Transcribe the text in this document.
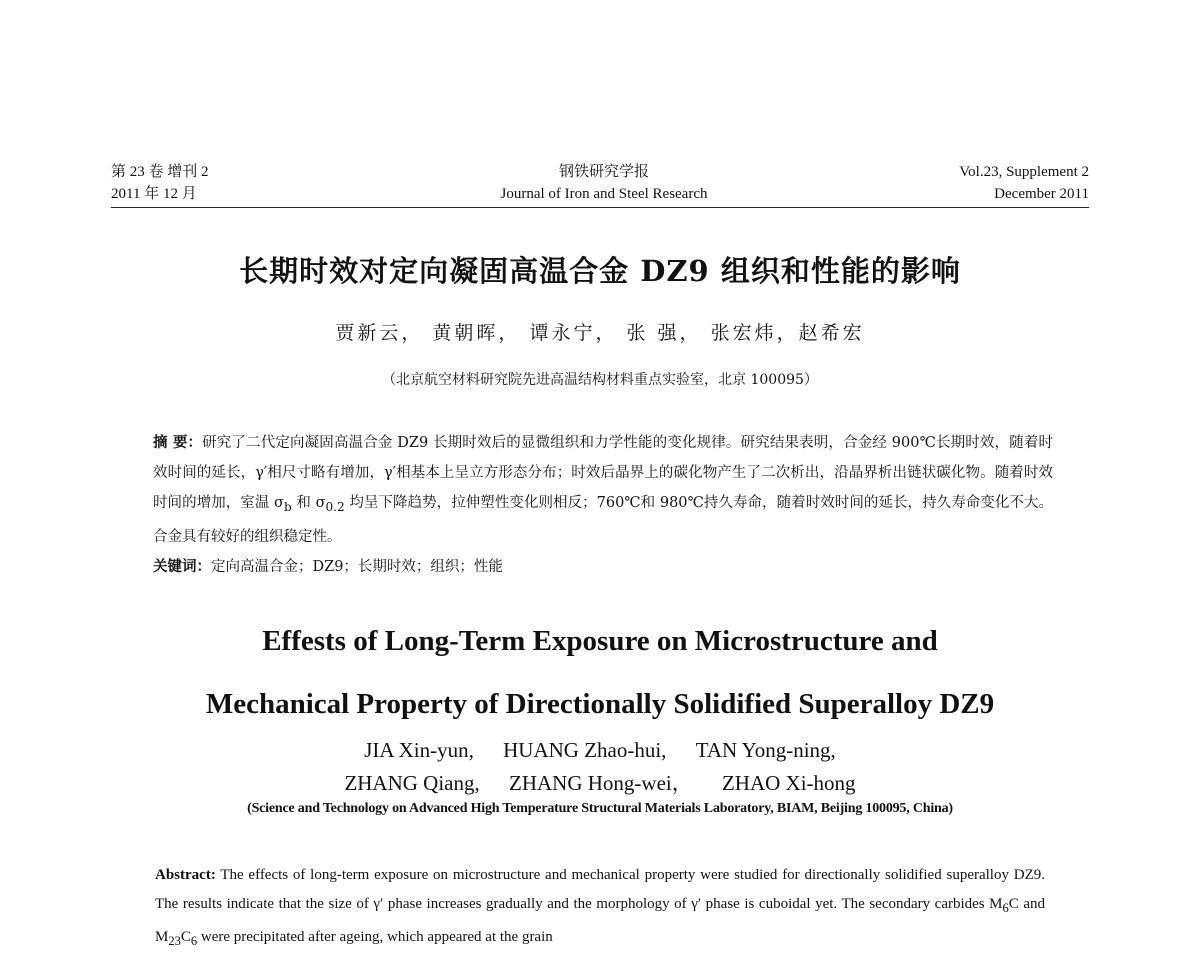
第 23 卷 增刊 2
2011 年 12 月
钢铁研究学报
Journal of Iron and Steel Research
Vol.23, Supplement 2
December 2011
长期时效对定向凝固高温合金 DZ9 组织和性能的影响
贾新云， 黄朝晖， 谭永宁， 张 强， 张宏炜，赵希宏
（北京航空材料研究院先进高温结构材料重点实验室，北京 100095）

摘 要：研究了二代定向凝固高温合金 DZ9 长期时效后的显微组织和力学性能的变化规律。研究结果表明，合金经 900℃长期时效，随着时效时间的延长，γ′相尺寸略有增加，γ′相基本上呈立方形态分布；时效后晶界上的碳化物产生了二次析出，沿晶界析出链状碳化物。随着时效时间的增加，室温 $\sigma_b$ 和 $\sigma_{0.2}$ 均呈下降趋势，拉伸塑性变化则相反；760℃和 980℃持久寿命，随着时效时间的延长，持久寿命变化不大。合金具有较好的组织稳定性。

关键词：定向高温合金；DZ9；长期时效；组织；性能

Effests of Long-Term Exposure on Microstructure and
Mechanical Property of Directionally Solidified Superalloy DZ9
JIA Xin-yun, HUANG Zhao-hui, TAN Yong-ning,
ZHANG Qiang, ZHANG Hong-wei， ZHAO Xi-hong
(Science and Technology on Advanced High Temperature Structural Materials Laboratory, BIAM, Beijing 100095, China)

Abstract: The effects of long-term exposure on microstructure and mechanical property were studied for directionally solidified superalloy DZ9. The results indicate that the size of γ′ phase increases gradually and the morphology of γ′ phase is cuboidal yet. The secondary carbides $M_6C$ and $M_{23}C_6$ were precipitated after ageing, which appeared at the grain
